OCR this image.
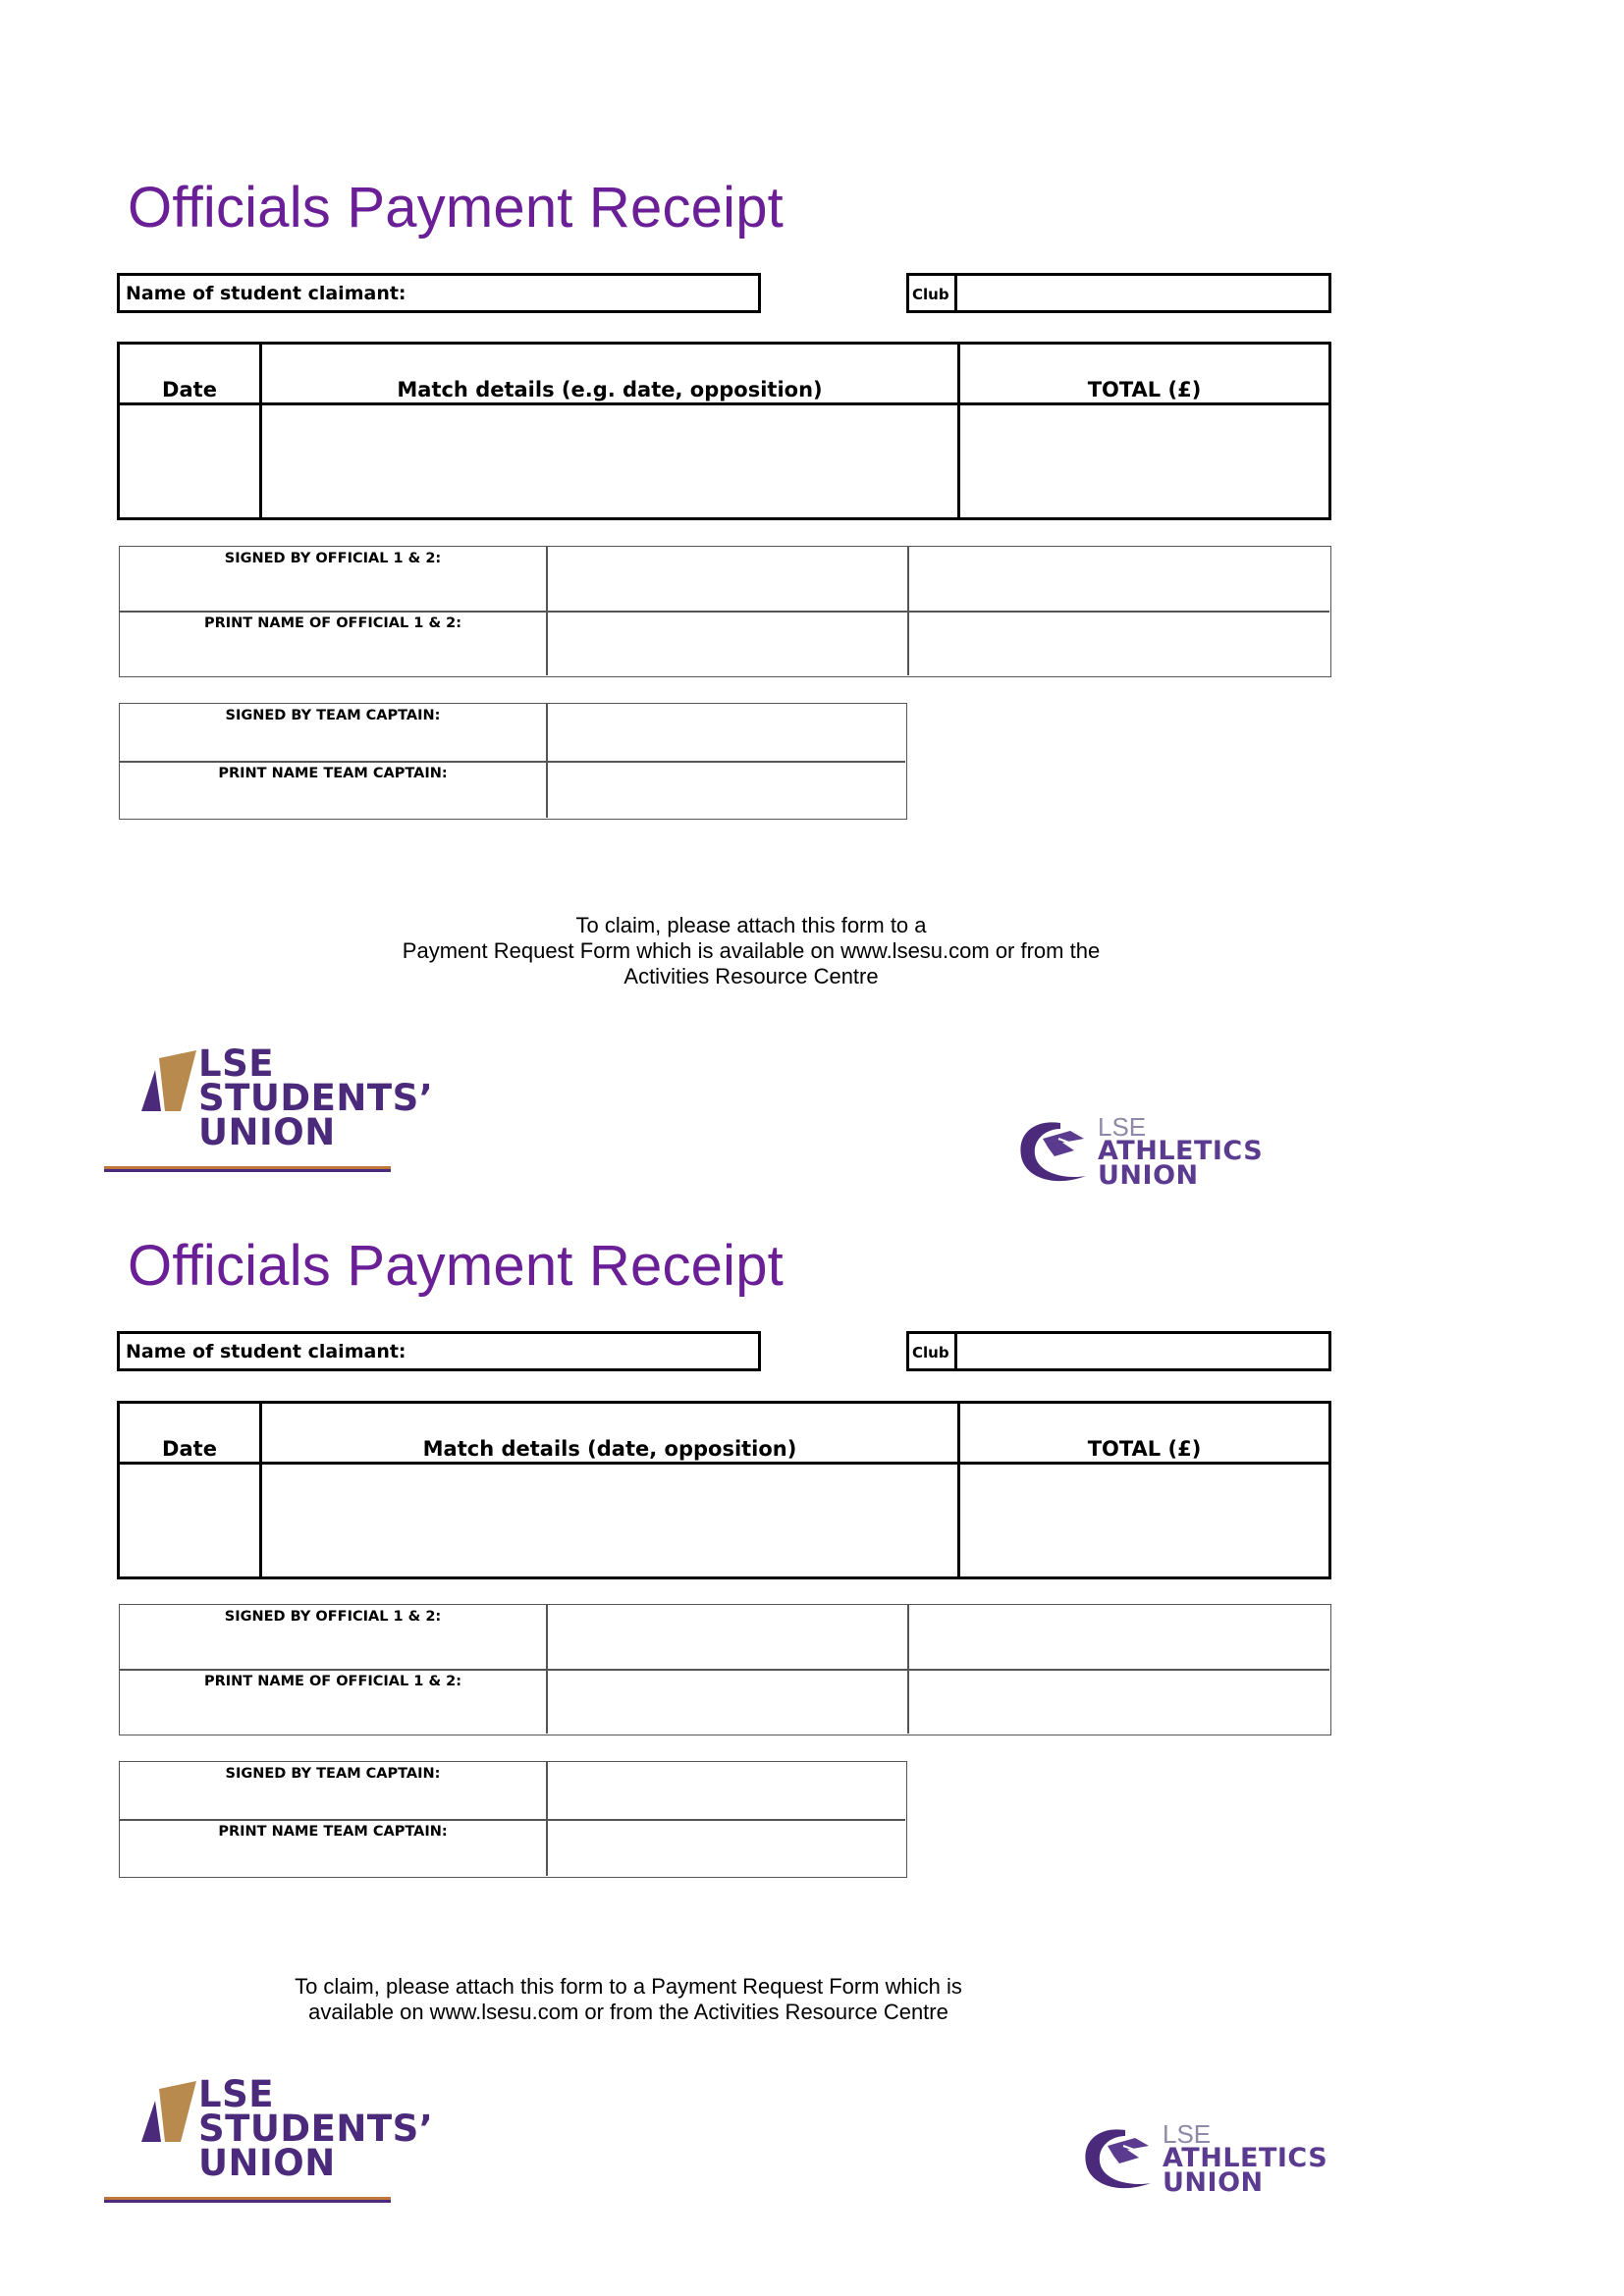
Officials Payment Receipt
Name of student claimant:	Club
Date	Match details (e.g. date, opposition)	TOTAL (£)
SIGNED BY OFFICIAL 1 & 2:
PRINT NAME OF OFFICIAL 1 & 2:
SIGNED BY TEAM CAPTAIN:
PRINT NAME TEAM CAPTAIN:
To claim, please attach this form to a
Payment Request Form which is available on www.lsesu.com or from the
Activities Resource Centre
LSE
STUDENTS’
UNION	LSE
ATHLETICS
UNION
Officials Payment Receipt
Name of student claimant:	Club
Date	Match details (date, opposition)	TOTAL (£)
SIGNED BY OFFICIAL 1 & 2:
PRINT NAME OF OFFICIAL 1 & 2:
SIGNED BY TEAM CAPTAIN:
PRINT NAME TEAM CAPTAIN:
To claim, please attach this form to a Payment Request Form which is
available on www.lsesu.com or from the Activities Resource Centre
LSE
STUDENTS’
UNION
LSE
ATHLETICS
UNION
